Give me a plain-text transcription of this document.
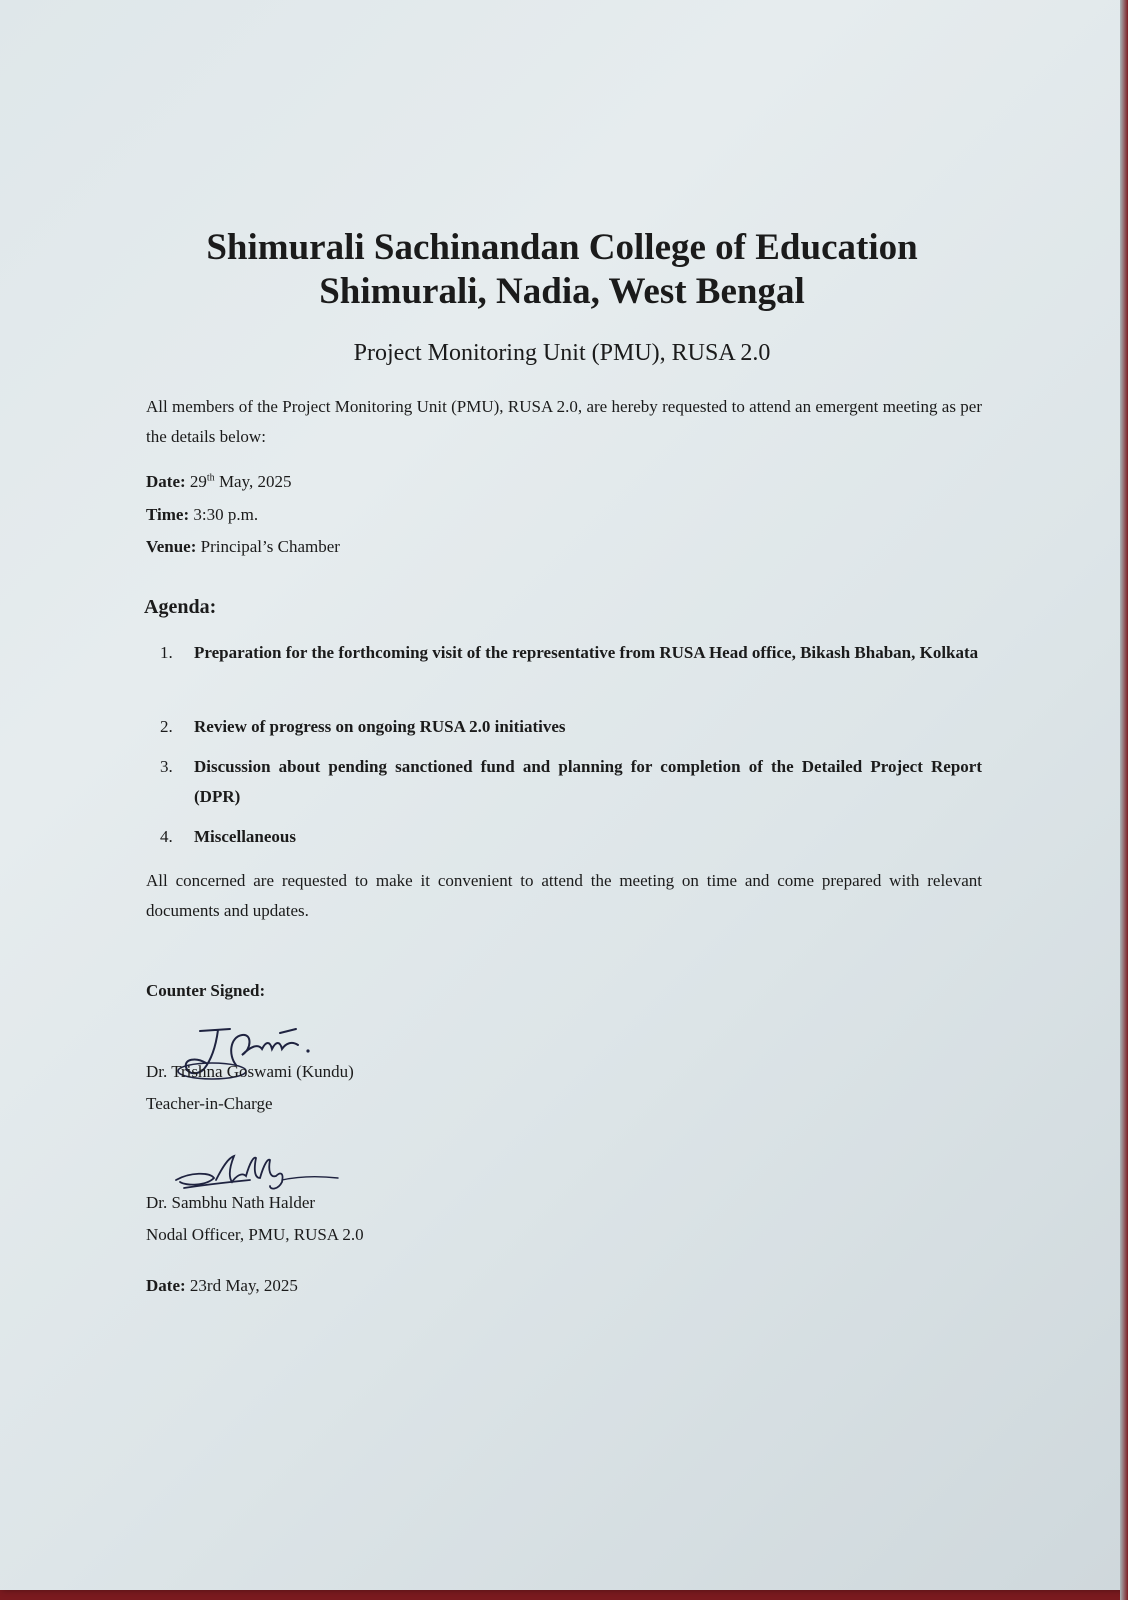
Shimurali Sachinandan College of Education
Shimurali, Nadia, West Bengal
Project Monitoring Unit (PMU), RUSA 2.0
All members of the Project Monitoring Unit (PMU), RUSA 2.0, are hereby requested to attend an emergent meeting as per the details below:
Date: 29th May, 2025
Time: 3:30 p.m.
Venue: Principal’s Chamber
Agenda:
1.	Preparation for the forthcoming visit of the representative from RUSA Head office, Bikash Bhaban, Kolkata
2.	Review of progress on ongoing RUSA 2.0 initiatives
3.	Discussion about pending sanctioned fund and planning for completion of the Detailed Project Report (DPR)
4.	Miscellaneous
All concerned are requested to make it convenient to attend the meeting on time and come prepared with relevant documents and updates.
Counter Signed:
Dr. Trishna Goswami (Kundu)
Teacher-in-Charge
Dr. Sambhu Nath Halder
Nodal Officer, PMU, RUSA 2.0
Date: 23rd May, 2025
